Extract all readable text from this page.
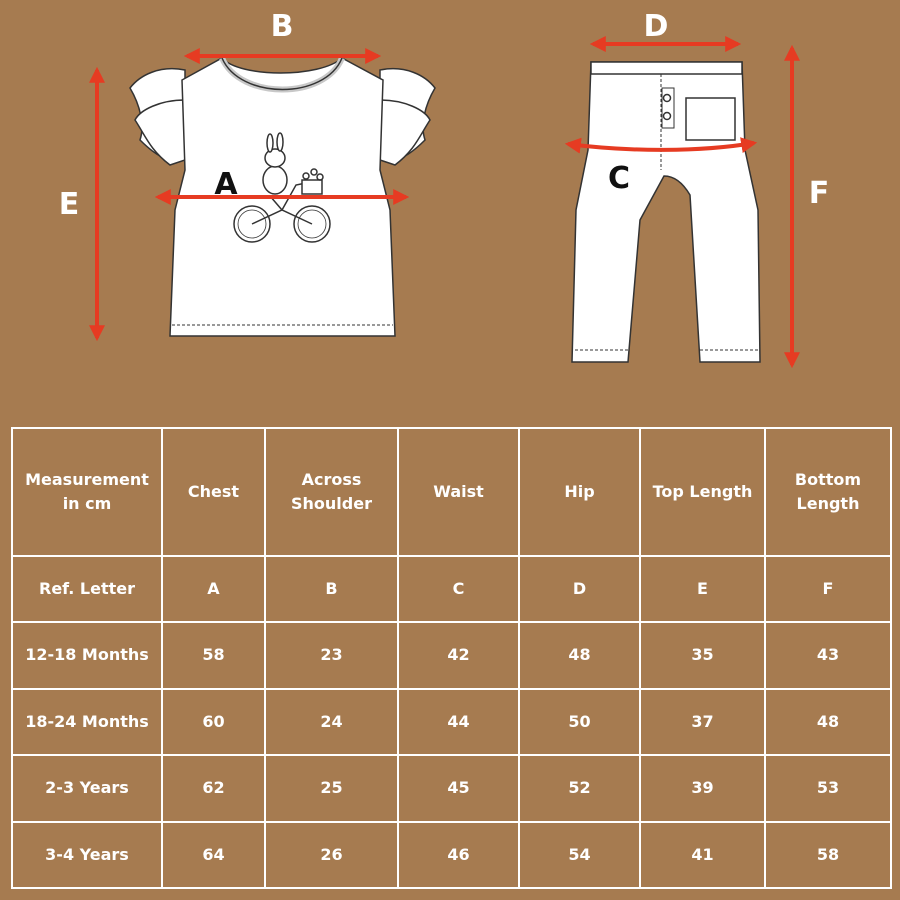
B
A
E
D
C	F
Measurement in cm	Chest	Across Shoulder	Waist	Hip	Top Length	Bottom Length
Ref. Letter	A	B	C	D	E	F
12-18 Months	58	23	42	48	35	43
18-24 Months	60	24	44	50	37	48
2-3 Years	62	25	45	52	39	53
3-4 Years	64	26	46	54	41	58
